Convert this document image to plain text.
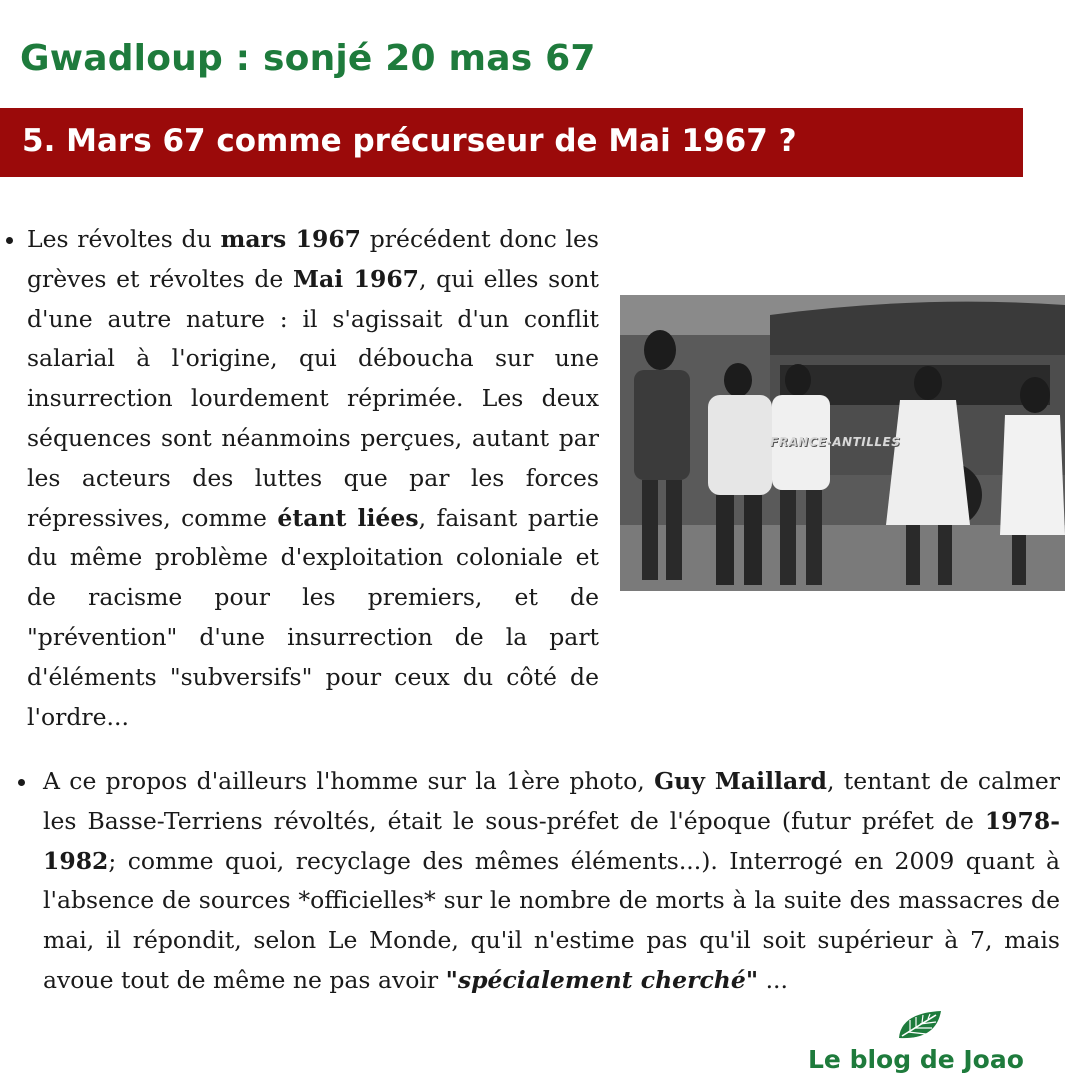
Gwadloup : sonjé 20 mas 67
5. Mars 67 comme précurseur de Mai 1967 ?
Les révoltes du mars 1967 précédent donc les grèves et révoltes de Mai 1967, qui elles sont d'une autre nature : il s'agissait d'un conflit salarial à l'origine, qui déboucha sur une insurrection lourdement réprimée. Les deux séquences sont néanmoins perçues, autant par les acteurs des luttes que par les forces répressives, comme étant liées, faisant partie du même problème d'exploitation coloniale et de racisme pour les premiers, et de "prévention" d'une insurrection de la part d'éléments "subversifs" pour ceux du côté de l'ordre...
FRANCE-ANTILLES
A ce propos d'ailleurs l'homme sur la 1ère photo, Guy Maillard, tentant de calmer les Basse-Terriens révoltés, était le sous-préfet de l'époque (futur préfet de 1978-1982; comme quoi, recyclage des mêmes éléments...). Interrogé en 2009 quant à l'absence de sources *officielles* sur le nombre de morts à la suite des massacres de mai, il répondit, selon Le Monde, qu'il n'estime pas qu'il soit supérieur à 7, mais avoue tout de même ne pas avoir "spécialement cherché" ...
Le blog de Joao
